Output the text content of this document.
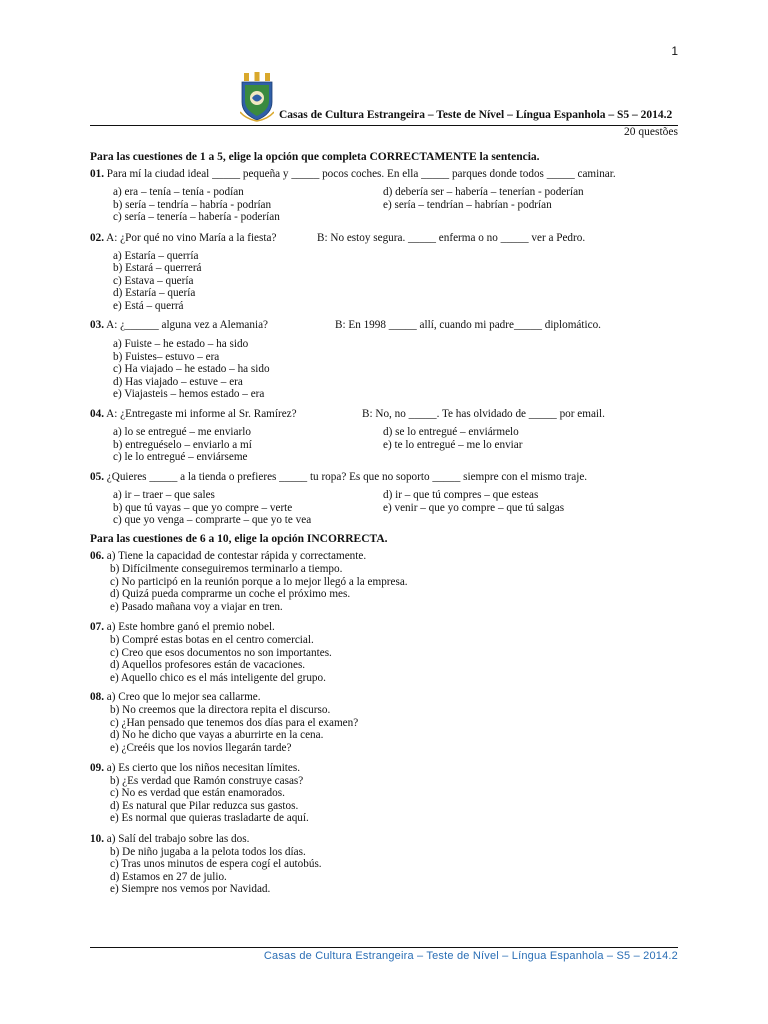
1
Casas de Cultura Estrangeira – Teste de Nível – Língua Espanhola – S5 – 2014.2
20 questões
Para las cuestiones de 1 a 5, elige la opción que completa CORRECTAMENTE la sentencia.
01. Para mí la ciudad ideal _____ pequeña y _____ pocos coches. En ella _____ parques donde todos _____ caminar.
a) era – tenía – tenía - podían
b) sería – tendría – habría - podrían
c) sería – tenería – habería - poderían
d) debería ser – habería – tenerían - poderían
e) sería – tendrían – habrían - podrían
02. A: ¿Por qué no vino María a la fiesta?	B: No estoy segura. _____ enferma o no _____ ver a Pedro.
a) Estaría – querría
b) Estará – querrerá
c) Estava – quería
d) Estaría – quería
e) Está – querrá
03. A: ¿______ alguna vez a Alemania?	B: En 1998 _____ allí, cuando mi padre_____ diplomático.
a) Fuiste – he estado – ha sido
b) Fuistes– estuvo – era
c) Ha viajado – he estado – ha sido
d) Has viajado – estuve – era
e) Viajasteis – hemos estado – era
04. A: ¿Entregaste mi informe al Sr. Ramírez?	B: No, no _____. Te has olvidado de _____ por email.
a) lo se entregué – me enviarlo
b) entreguéselo – enviarlo a mí
c) le lo entregué – enviárseme
d) se lo entregué – enviármelo
e) te lo entregué – me lo enviar
05. ¿Quieres _____ a la tienda o prefieres _____ tu ropa? Es que no soporto _____ siempre con el mismo traje.
a) ir – traer – que sales
b) que tú vayas – que yo compre – verte
c) que yo venga – comprarte – que yo te vea
d) ir – que tú compres – que esteas
e) venir – que yo compre – que tú salgas
Para las cuestiones de 6 a 10, elige la opción INCORRECTA.
06. a) Tiene la capacidad de contestar rápida y correctamente.
b) Difícilmente conseguiremos terminarlo a tiempo.
c) No participó en la reunión porque a lo mejor llegó a la empresa.
d) Quizá pueda comprarme un coche el próximo mes.
e) Pasado mañana voy a viajar en tren.
07. a) Este hombre ganó el premio nobel.
b) Compré estas botas en el centro comercial.
c) Creo que esos documentos no son importantes.
d) Aquellos profesores están de vacaciones.
e) Aquello chico es el más inteligente del grupo.
08. a) Creo que lo mejor sea callarme.
b) No creemos que la directora repita el discurso.
c) ¿Han pensado que tenemos dos días para el examen?
d) No he dicho que vayas a aburrirte en la cena.
e) ¿Creéis que los novios llegarán tarde?
09. a) Es cierto que los niños necesitan límites.
b) ¿Es verdad que Ramón construye casas?
c) No es verdad que están enamorados.
d) Es natural que Pilar reduzca sus gastos.
e) Es normal que quieras trasladarte de aquí.
10. a) Salí del trabajo sobre las dos.
b) De niño jugaba a la pelota todos los días.
c) Tras unos minutos de espera cogí el autobús.
d) Estamos en 27 de julio.
e) Siempre nos vemos por Navidad.
Casas de Cultura Estrangeira – Teste de Nível – Língua Espanhola – S5 – 2014.2
